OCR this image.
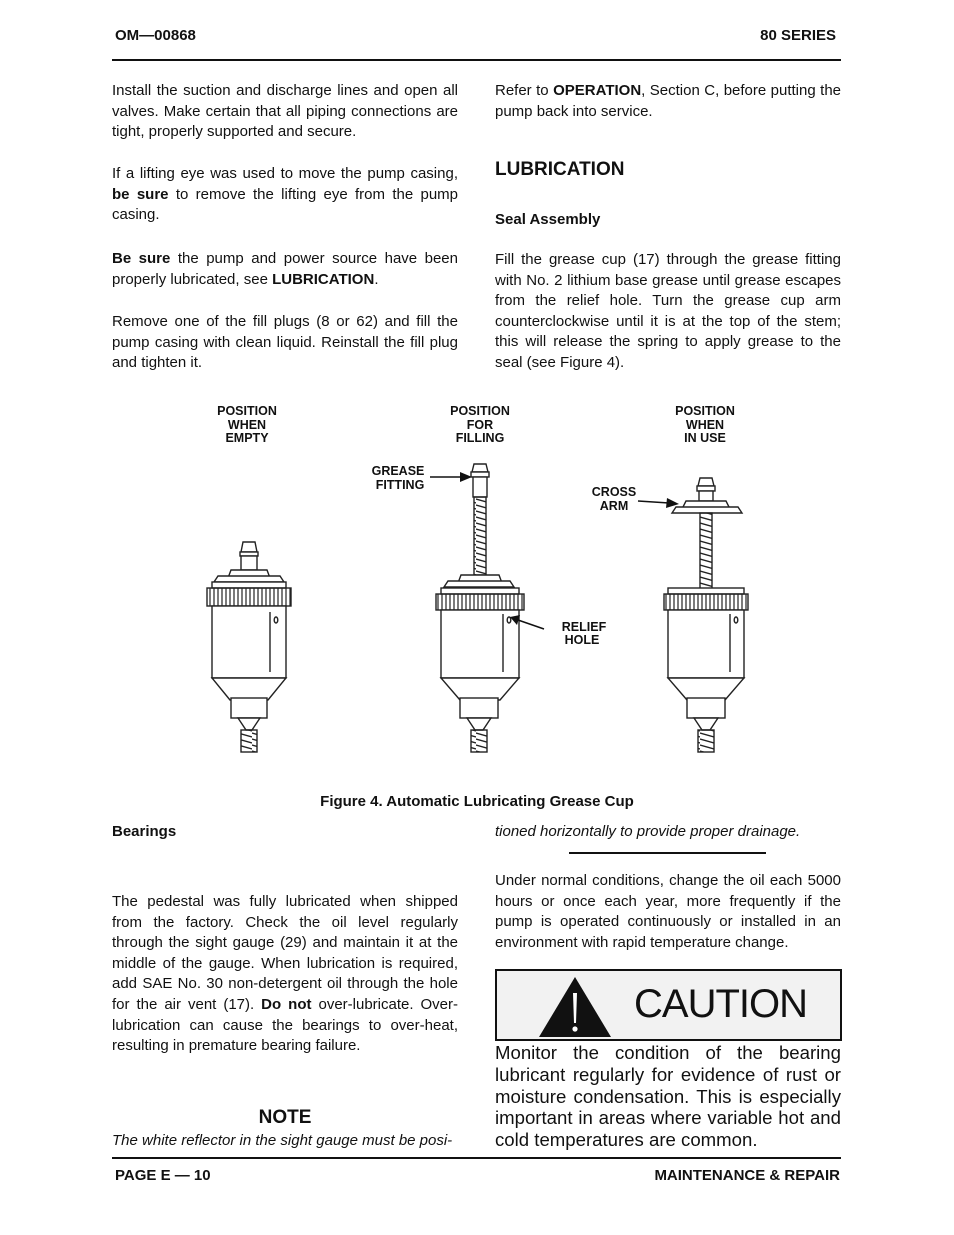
OM—00868	80 SERIES
Install the suction and discharge lines and open all valves. Make certain that all piping connections are tight, properly supported and secure.
If a lifting eye was used to move the pump casing, be sure to remove the lifting eye from the pump casing.
Be sure the pump and power source have been properly lubricated, see LUBRICATION.
Remove one of the fill plugs (8 or 62) and fill the pump casing with clean liquid. Reinstall the fill plug and tighten it.
Refer to OPERATION, Section C, before putting the pump back into service.
LUBRICATION
Seal Assembly
Fill the grease cup (17) through the grease fitting with No. 2 lithium base grease until grease escapes from the relief hole. Turn the grease cup arm counterclockwise until it is at the top of the stem; this will release the spring to apply grease to the seal (see Figure 4).
POSITION
WHEN
EMPTY
POSITION
FOR
FILLING
POSITION
WHEN
IN USE
GREASE
FITTING	CROSS
ARM
RELIEF
HOLE
Figure 4. Automatic Lubricating Grease Cup
Bearings
The pedestal was fully lubricated when shipped from the factory. Check the oil level regularly through the sight gauge (29) and maintain it at the middle of the gauge. When lubrication is required, add SAE No. 30 non-detergent oil through the hole for the air vent (17). Do not over-lubricate. Over-lubrication can cause the bearings to over-heat, resulting in premature bearing failure.
NOTE
The white reflector in the sight gauge must be posi-
tioned horizontally to provide proper drainage.
Under normal conditions, change the oil each 5000 hours or once each year, more frequently if the pump is operated continuously or installed in an environment with rapid temperature change.
CAUTION
Monitor the condition of the bearing lubricant regularly for evidence of rust or moisture condensation. This is especially important in areas where variable hot and cold temperatures are common.
PAGE E — 10	MAINTENANCE & REPAIR
